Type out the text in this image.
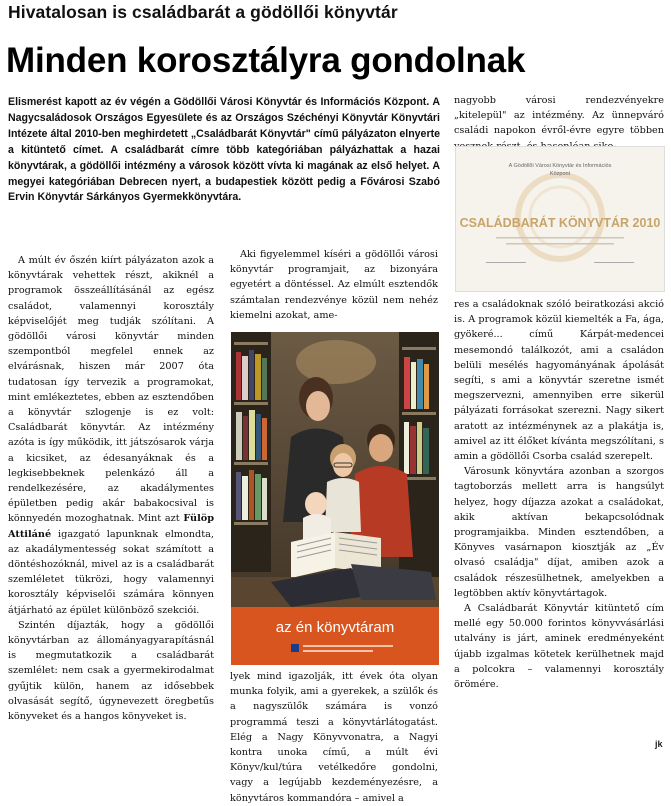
Hivatalosan is családbarát a gödöllői könyvtár
Minden korosztályra gondolnak
Elismerést kapott az év végén a Gödöllői Városi Könyvtár és Információs Központ. A Nagycsaládosok Országos Egyesülete és az Országos Széchényi Könyvtár Könyvtári Intézete által 2010-ben meghirdetett „Családbarát Könyvtár" című pályázaton elnyerte a kitüntető címet. A családbarát címre több kategóriában pályázhattak a hazai könyvtárak, a gödöllői intézmény a városok között vívta ki magának az első helyet. A megyei kategóriában Debrecen nyert, a budapestiek között pedig a Fővárosi Szabó Ervin Könyvtár Sárkányos Gyermekkönyvtára.

A múlt év őszén kiírt pályázaton azok a könyvtárak vehettek részt, akiknél a programok összeállításánál az egész családot, valamennyi korosztály képviselőjét meg tudják szólítani. A gödöllői városi könyvtár minden szempontból megfelel ennek az elvárásnak, hiszen már 2007 óta tudatosan így tervezik a programokat, mint emlékeztetes, ebben az esztendőben a könyvtár szlogenje is ez volt: Családbarát könyvtár. Az intézmény azóta is így működik, itt játszósarok várja a kicsiket, az édesanyáknak és a legkisebbeknek pelenkázó áll a rendelkezésére, az akadálymentes épületben pedig akár babakocsival is könnyedén mozoghatnak. Mint azt Fülöp Attiláné igazgató lapunknak elmondta, az akadálymentesség sokat számított a döntéshozóknál, mivel az is a családbarát szemléletet tükrözi, hogy valamennyi korosztály képviselői számára könnyen átjárható az épület különböző szekciói.

Szintén díjazták, hogy a gödöllői könyvtárban az állományagyarapításnál is megmutatkozik a családbarát szemlélet: nem csak a gyermekirodalmat gyűjtik külön, hanem az idősebbek olvasását segítő, úgynevezett öregbetűs könyveket és a hangos könyveket is.

Aki figyelemmel kíséri a gödöllői városi könyvtár programjait, az bizonyára egyetért a döntéssel. Az elmúlt esztendők számtalan rendezvénye közül nem nehéz kiemelni azokat, ame-

az én könyvtáram

lyek mind igazolják, itt évek óta olyan munka folyik, ami a gyerekek, a szülők és a nagyszülők számára is vonzó programmá teszi a könyvtárlátogatást. Elég a Nagy Könyvvonatra, a Nagyi kontra unoka című, a múlt évi Könyv/kul/túra vetélkedőre gondolni, vagy a legújabb kezdeményezésre, a könyvtáros kommandóra – amivel a

nagyobb városi rendezvényekre „kitelepül" az intézmény. Az ünnepváró családi napokon évről-évre egyre többen

A Gödöllői Városi Könyvtár és Információs
Központ
CSALÁDBARÁT KÖNYVTÁR 2010

res a családoknak szóló beiratkozási akció is. A programok közül kiemelték a Fa, ága, gyökeré... című Kárpát-medencei mesemondó találkozót, ami a családon belüli mesélés hagyományának ápolását segíti, s ami a könyvtár szeretne ismét megszervezni, amennyiben erre sikerül pályázati forrásokat szerezni. Nagy sikert aratott az intézménynek az a plakátja is, amivel az itt élőket kívánta megszólítani, s amin a gödöllői Csorba család szerepelt.

Városunk könyvtára azonban a szorgos tagtoborzás mellett arra is hangsúlyt helyez, hogy díjazza azokat a családokat, akik aktívan bekapcsolódnak programjaikba. Minden esztendőben, a Könyves vasárnapon kiosztják az „Év olvasó családja" díjat, amiben azok a családok részesülhetnek, amelyekben a legtöbben aktív könyvtártagok.

A Családbarát Könyvtár kitüntető cím mellé egy 50.000 forintos könyvvásárlási utalvány is járt, aminek eredményeként újabb izgalmas kötetek kerülhetnek majd a polcokra – valamennyi korosztály örömére.

jk
